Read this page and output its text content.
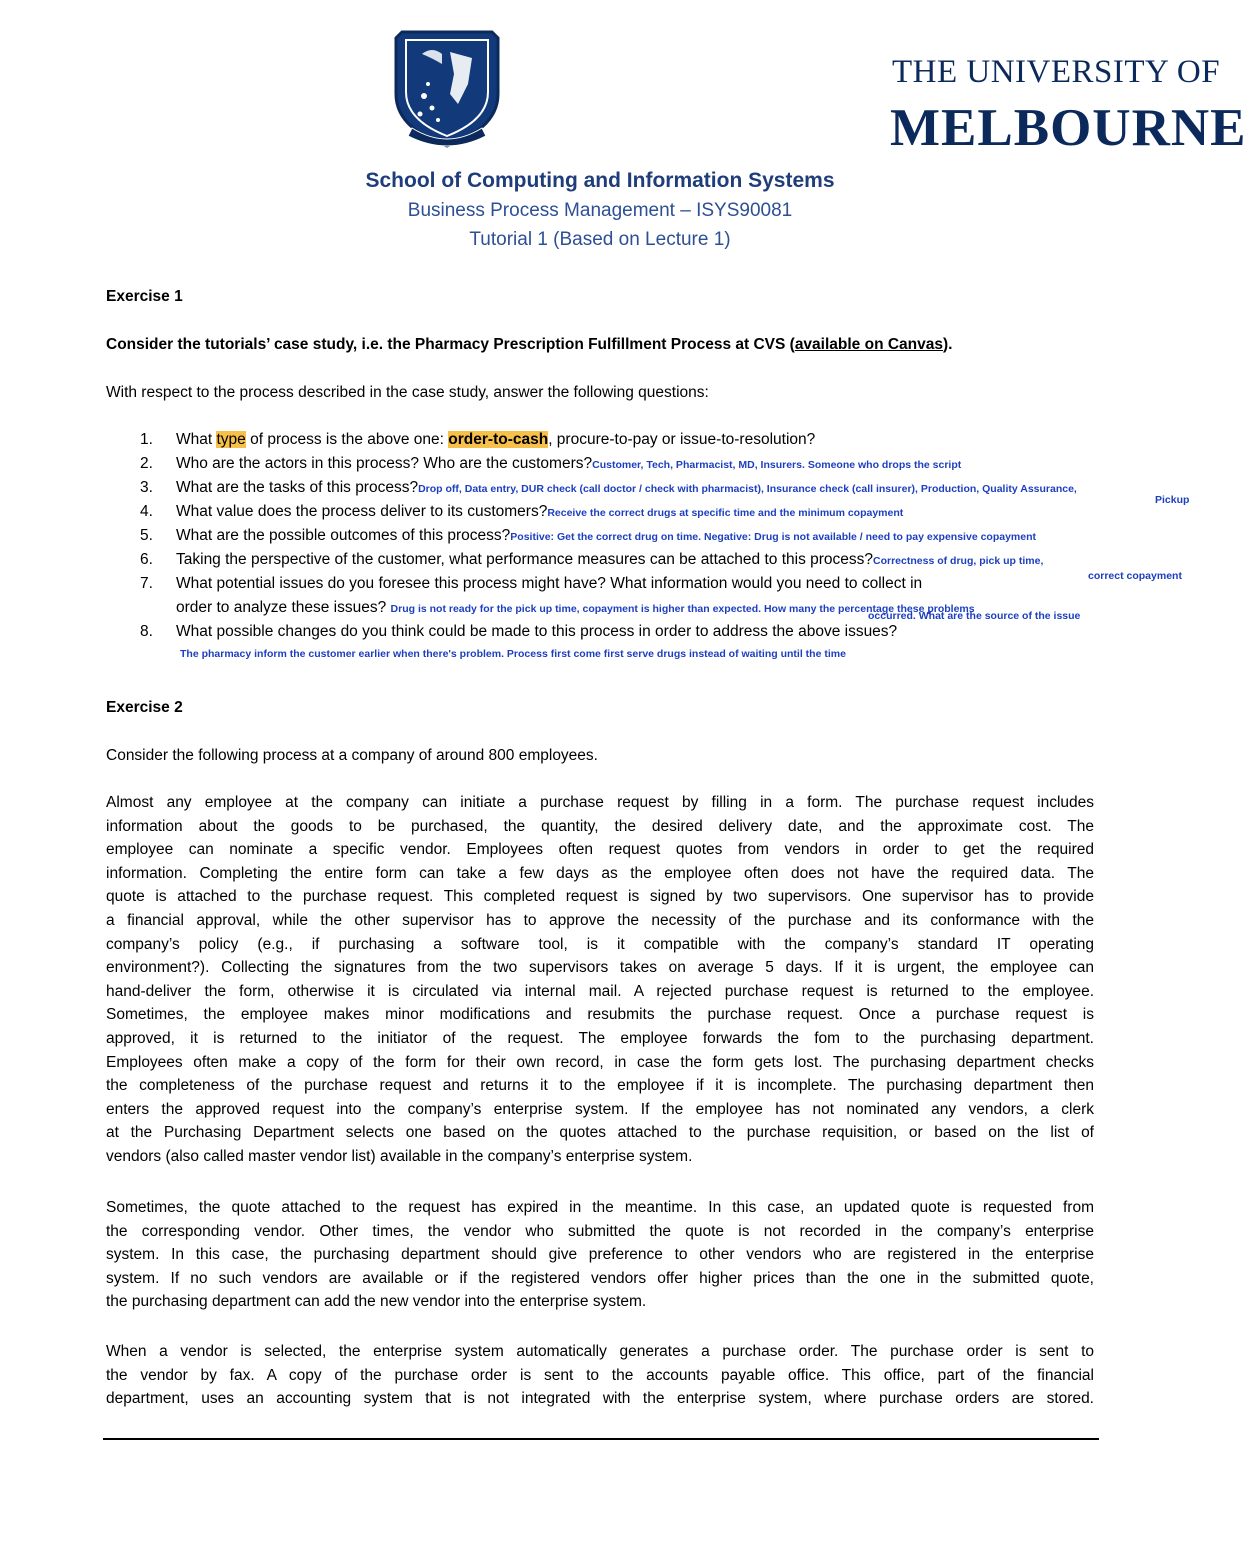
THE UNIVERSITY OF
MELBOURNE
School of Computing and Information Systems
Business Process Management – ISYS90081
Tutorial 1 (Based on Lecture 1)
Exercise 1
Consider the tutorials’ case study, i.e. the Pharmacy Prescription Fulfillment Process at CVS (available on Canvas).
With respect to the process described in the case study, answer the following questions:
1. What type of process is the above one: order-to-cash, procure-to-pay or issue-to-resolution?
2. Who are the actors in this process? Who are the customers?Customer, Tech, Pharmacist, MD, Insurers. Someone who drops the script
3. What are the tasks of this process?Drop off, Data entry, DUR check (call doctor / check with pharmacist), Insurance check (call insurer), Production, Quality Assurance,
Pickup
4. What value does the process deliver to its customers?Receive the correct drugs at specific time and the minimum copayment
5. What are the possible outcomes of this process?Positive: Get the correct drug on time. Negative: Drug is not available / need to pay expensive copayment
6. Taking the perspective of the customer, what performance measures can be attached to this process?Correctness of drug, pick up time,
correct copayment
7. What potential issues do you foresee this process might have? What information would you need to collect in
order to analyze these issues? Drug is not ready for the pick up time, copayment is higher than expected. How many the percentage these problems
occurred. What are the source of the issue
8. What possible changes do you think could be made to this process in order to address the above issues?
The pharmacy inform the customer earlier when there's problem. Process first come first serve drugs instead of waiting until the time
Exercise 2
Consider the following process at a company of around 800 employees.
Almost any employee at the company can initiate a purchase request by filling in a form. The purchase request includes
information about the goods to be purchased, the quantity, the desired delivery date, and the approximate cost. The
employee can nominate a specific vendor. Employees often request quotes from vendors in order to get the required
information. Completing the entire form can take a few days as the employee often does not have the required data. The
quote is attached to the purchase request. This completed request is signed by two supervisors. One supervisor has to provide
a financial approval, while the other supervisor has to approve the necessity of the purchase and its conformance with the
company’s policy (e.g., if purchasing a software tool, is it compatible with the company’s standard IT operating
environment?). Collecting the signatures from the two supervisors takes on average 5 days. If it is urgent, the employee can
hand-deliver the form, otherwise it is circulated via internal mail. A rejected purchase request is returned to the employee.
Sometimes, the employee makes minor modifications and resubmits the purchase request. Once a purchase request is
approved, it is returned to the initiator of the request. The employee forwards the fom to the purchasing department.
Employees often make a copy of the form for their own record, in case the form gets lost. The purchasing department checks
the completeness of the purchase request and returns it to the employee if it is incomplete. The purchasing department then
enters the approved request into the company’s enterprise system. If the employee has not nominated any vendors, a clerk
at the Purchasing Department selects one based on the quotes attached to the purchase requisition, or based on the list of
vendors (also called master vendor list) available in the company’s enterprise system.
Sometimes, the quote attached to the request has expired in the meantime. In this case, an updated quote is requested from
the corresponding vendor. Other times, the vendor who submitted the quote is not recorded in the company’s enterprise
system. In this case, the purchasing department should give preference to other vendors who are registered in the enterprise
system. If no such vendors are available or if the registered vendors offer higher prices than the one in the submitted quote,
the purchasing department can add the new vendor into the enterprise system.
When a vendor is selected, the enterprise system automatically generates a purchase order. The purchase order is sent to
the vendor by fax. A copy of the purchase order is sent to the accounts payable office. This office, part of the financial
department, uses an accounting system that is not integrated with the enterprise system, where purchase orders are stored.
